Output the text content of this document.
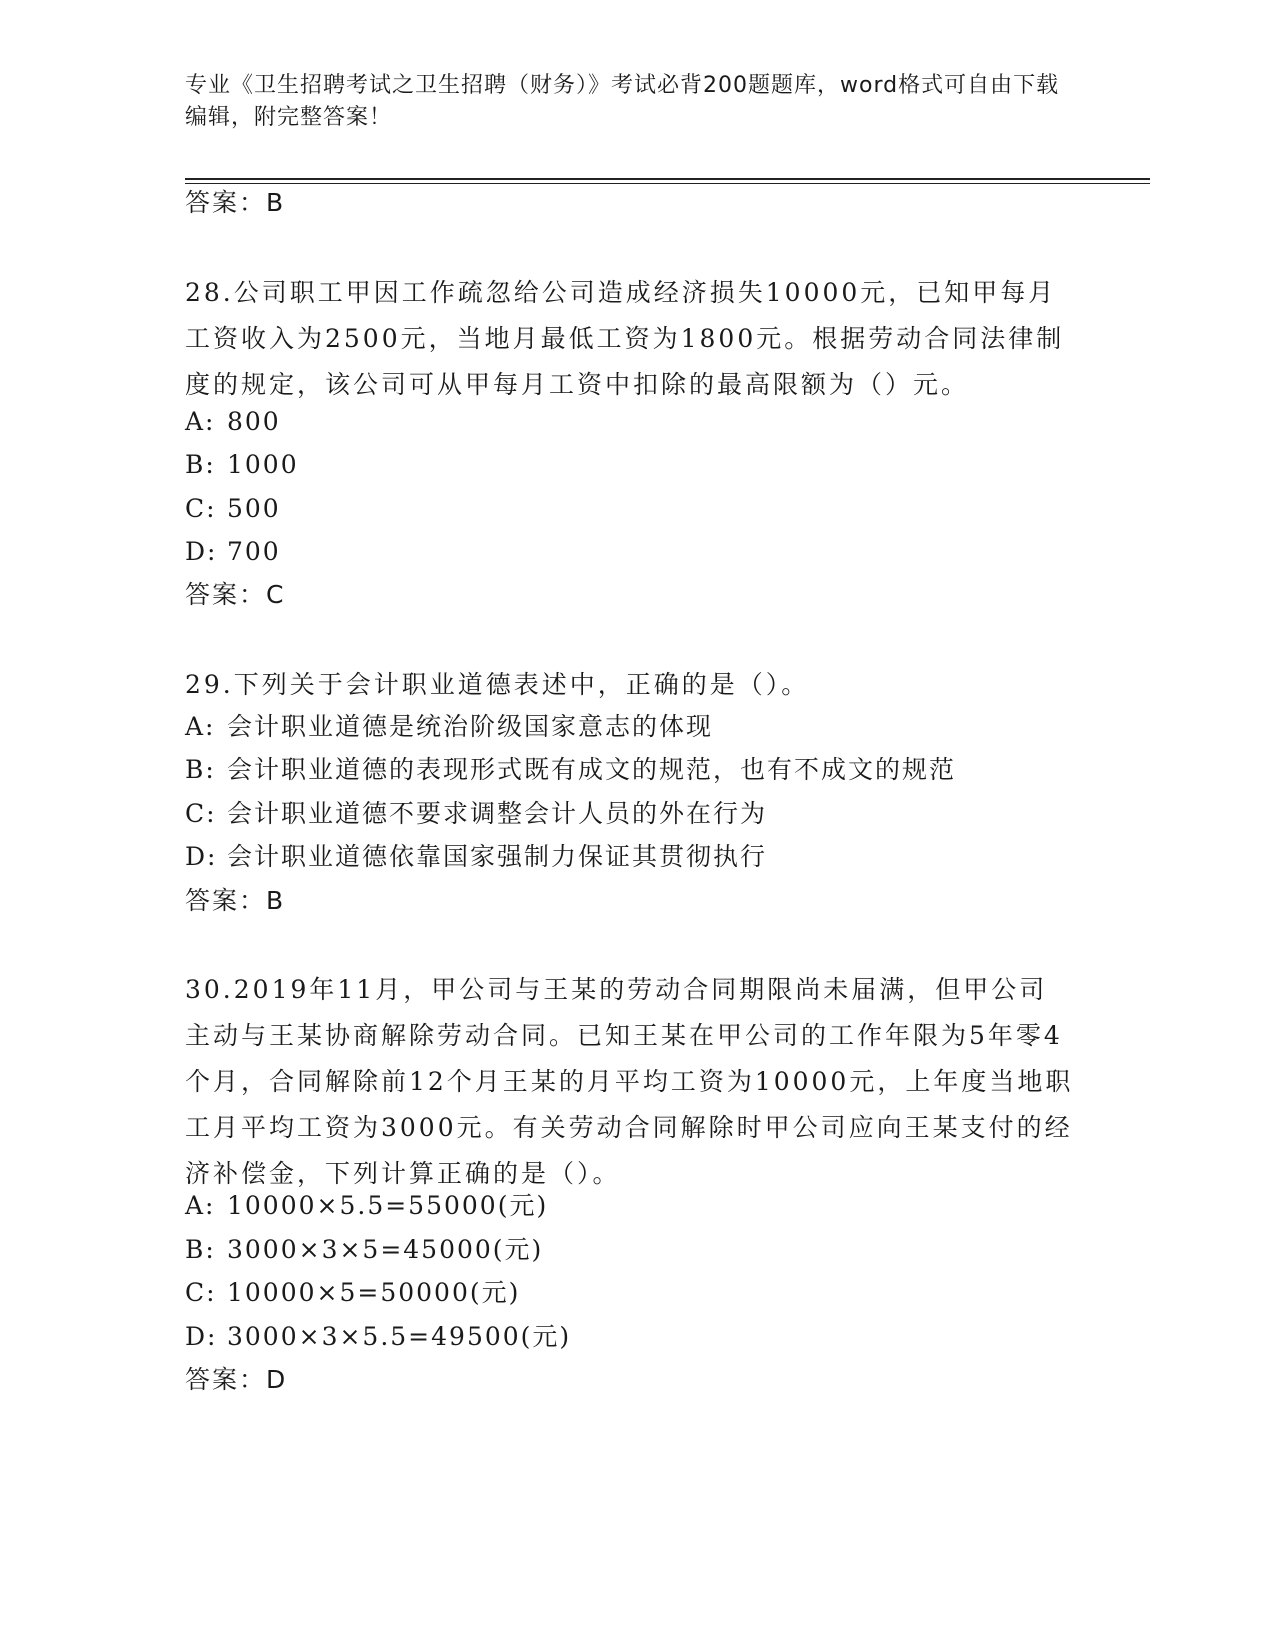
专业《卫生招聘考试之卫生招聘（财务）》考试必背200题题库，word格式可自由下载编辑，附完整答案！
答案：B
28.公司职工甲因工作疏忽给公司造成经济损失10000元，已知甲每月工资收入为2500元，当地月最低工资为1800元。根据劳动合同法律制度的规定，该公司可从甲每月工资中扣除的最高限额为（）元。
A: 800
B: 1000
C: 500
D: 700
答案：C
29.下列关于会计职业道德表述中，正确的是（）。
A: 会计职业道德是统治阶级国家意志的体现
B: 会计职业道德的表现形式既有成文的规范，也有不成文的规范
C: 会计职业道德不要求调整会计人员的外在行为
D: 会计职业道德依靠国家强制力保证其贯彻执行
答案：B
30.2019年11月，甲公司与王某的劳动合同期限尚未届满，但甲公司主动与王某协商解除劳动合同。已知王某在甲公司的工作年限为5年零4个月，合同解除前12个月王某的月平均工资为10000元，上年度当地职工月平均工资为3000元。有关劳动合同解除时甲公司应向王某支付的经济补偿金，下列计算正确的是（）。
A: 10000×5.5=55000(元)
B: 3000×3×5=45000(元)
C: 10000×5=50000(元)
D: 3000×3×5.5=49500(元)
答案：D
